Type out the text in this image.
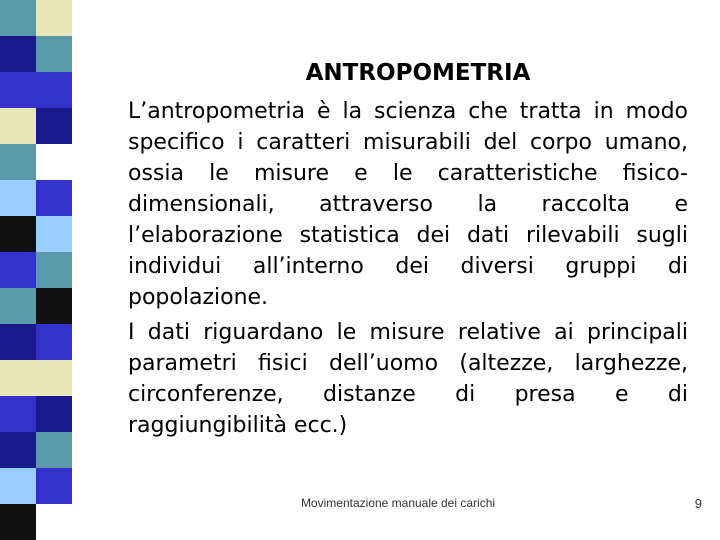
ANTROPOMETRIA

L’antropometria è la scienza che tratta in modo specifico i caratteri misurabili del corpo umano, ossia le misure e le caratteristiche fisico-dimensionali, attraverso la raccolta e l’elaborazione statistica dei dati rilevabili sugli individui all’interno dei diversi gruppi di popolazione.

I dati riguardano le misure relative ai principali parametri fisici dell’uomo (altezze, larghezze, circonferenze, distanze di presa e di raggiungibilità ecc.)

Movimentazione manuale dei carichi	9
